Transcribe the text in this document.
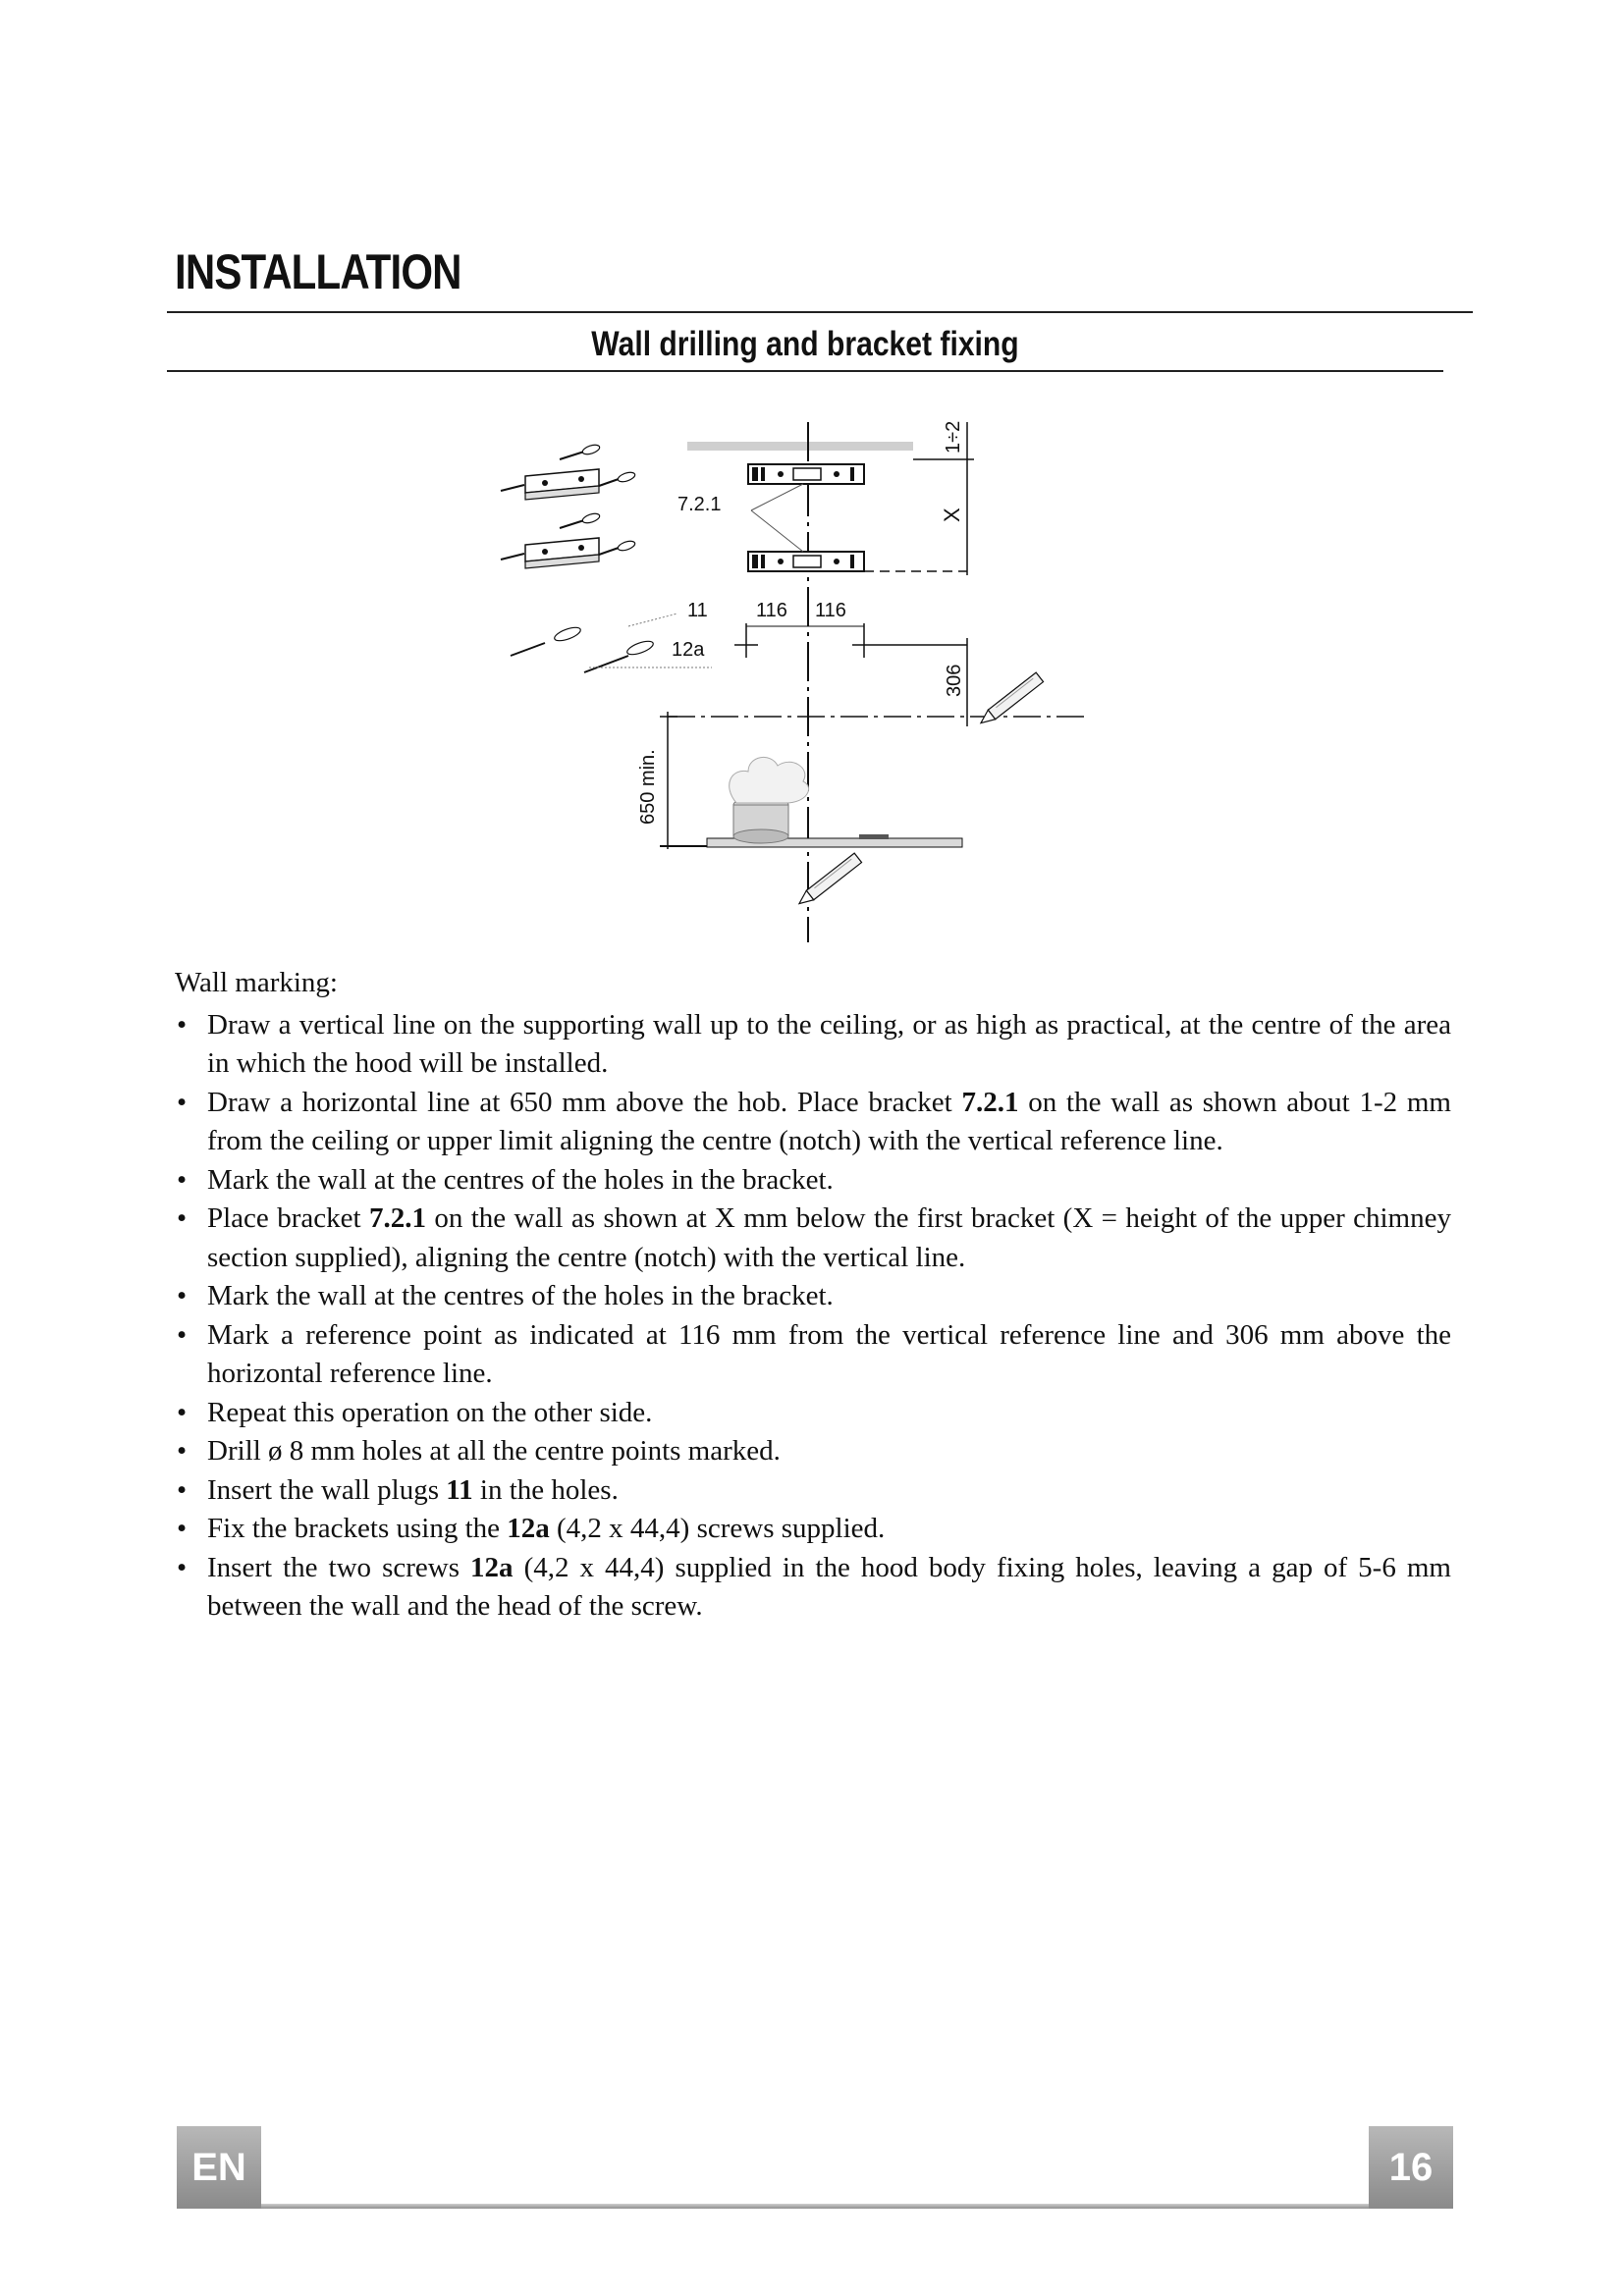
INSTALLATION
Wall drilling and bracket fixing
1÷2
X
116 116
306
650 min.
7.2.1
11
12a

Wall marking:

• Draw a vertical line on the supporting wall up to the ceiling, or as high as practical, at the centre of the area in which the hood will be installed.
• Draw a horizontal line at 650 mm above the hob. Place bracket 7.2.1 on the wall as shown about 1-2 mm from the ceiling or upper limit aligning the centre (notch) with the vertical reference line.
• Mark the wall at the centres of the holes in the bracket.
• Place bracket 7.2.1 on the wall as shown at X mm below the first bracket (X = height of the upper chimney section supplied), aligning the centre (notch) with the vertical line.
• Mark the wall at the centres of the holes in the bracket.
• Mark a reference point as indicated at 116 mm from the vertical reference line and 306 mm above the horizontal reference line.
• Repeat this operation on the other side.
• Drill ø 8 mm holes at all the centre points marked.
• Insert the wall plugs 11 in the holes.
• Fix the brackets using the 12a (4,2 x 44,4) screws supplied.
• Insert the two screws 12a (4,2 x 44,4) supplied in the hood body fixing holes, leaving a gap of 5-6 mm between the wall and the head of the screw.
EN	16
